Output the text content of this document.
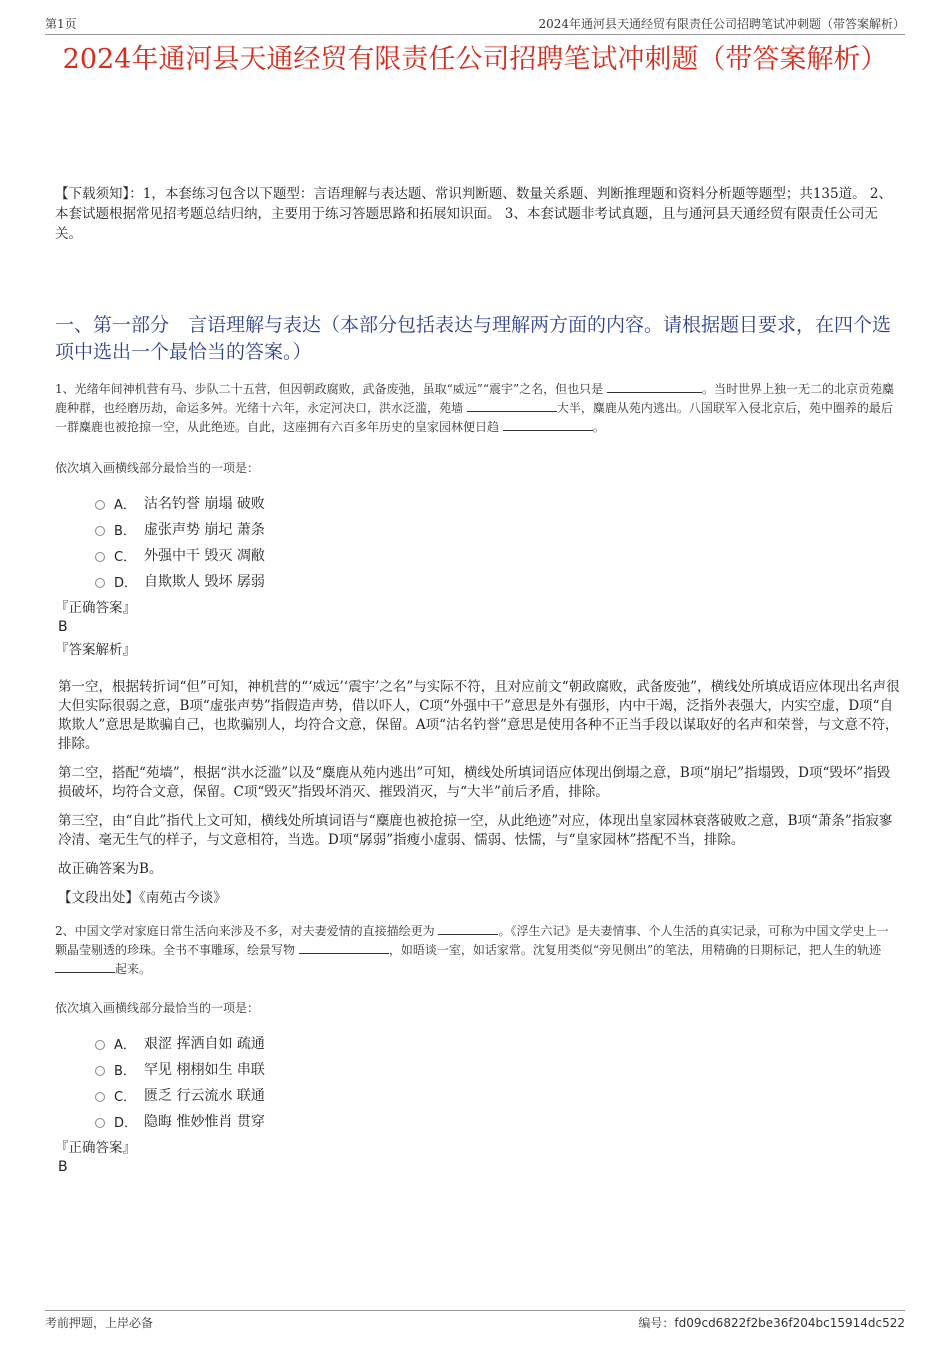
第1页	2024年通河县天通经贸有限责任公司招聘笔试冲刺题（带答案解析）
2024年通河县天通经贸有限责任公司招聘笔试冲刺题（带答案解析）
【下载须知】：1，本套练习包含以下题型：言语理解与表达题、常识判断题、数量关系题、判断推理题和资料分析题等题型；共135道。 2、本套试题根据常见招考题总结归纳，主要用于练习答题思路和拓展知识面。 3、本套试题非考试真题，且与通河县天通经贸有限责任公司无关。
一、第一部分　言语理解与表达（本部分包括表达与理解两方面的内容。请根据题目要求，在四个选项中选出一个最恰当的答案。）

1、光绪年间神机营有马、步队二十五营，但因朝政腐败，武备废弛，虽取“威远”“震宇”之名，但也只是	。当时世界上独一无二的北京贡苑麋鹿种群，也经磨历劫，命运多舛。光绪十六年，永定河决口，洪水泛滥，苑墙	大半，麋鹿从苑内逃出。八国联军入侵北京后，苑中圈养的最后一群麋鹿也被抢掠一空，从此绝迹。自此，这座拥有六百多年历史的皇家园林便日趋	。

依次填入画横线部分最恰当的一项是：
A． 沽名钓誉 崩塌 破败
B． 虚张声势 崩圮 萧条
C． 外强中干 毁灭 凋敝
D． 自欺欺人 毁坏 孱弱
『正确答案』
B
『答案解析』

第一空，根据转折词“但”可知，神机营的“‘威远’‘震宇’之名”与实际不符，且对应前文“朝政腐败，武备废弛”，横线处所填成语应体现出名声很大但实际很弱之意，B项“虚张声势”指假造声势，借以吓人，C项“外强中干”意思是外有强形，内中干竭，泛指外表强大，内实空虚，D项“自欺欺人”意思是欺骗自己，也欺骗别人，均符合文意，保留。A项“沽名钓誉”意思是使用各种不正当手段以谋取好的名声和荣誉，与文意不符，排除。

第二空，搭配“苑墙”，根据“洪水泛滥”以及“麋鹿从苑内逃出”可知，横线处所填词语应体现出倒塌之意，B项“崩圮”指塌毁，D项“毁坏”指毁损破坏，均符合文意，保留。C项“毁灭”指毁坏消灭、摧毁消灭，与“大半”前后矛盾，排除。

第三空，由“自此”指代上文可知，横线处所填词语与“麋鹿也被抢掠一空，从此绝迹”对应，体现出皇家园林衰落破败之意，B项“萧条”指寂寥冷清、毫无生气的样子，与文意相符，当选。D项“孱弱”指瘦小虚弱、懦弱、怯懦，与“皇家园林”搭配不当，排除。

故正确答案为B。

【文段出处】《南苑古今谈》

2、中国文学对家庭日常生活向来涉及不多，对夫妻爱情的直接描绘更为	。《浮生六记》是夫妻情事、个人生活的真实记录，可称为中国文学史上一颗晶莹剔透的珍珠。全书不事雕琢，绘景写物	，如晤谈一室，如话家常。沈复用类似“旁见侧出”的笔法，用精确的日期标记，把人生的轨迹 起来。

依次填入画横线部分最恰当的一项是：
A． 艰涩 挥洒自如 疏通
B． 罕见 栩栩如生 串联
C． 匮乏 行云流水 联通
D． 隐晦 惟妙惟肖 贯穿
『正确答案』
B
考前押题，上岸必备	编号：fd09cd6822f2be36f204bc15914dc522
